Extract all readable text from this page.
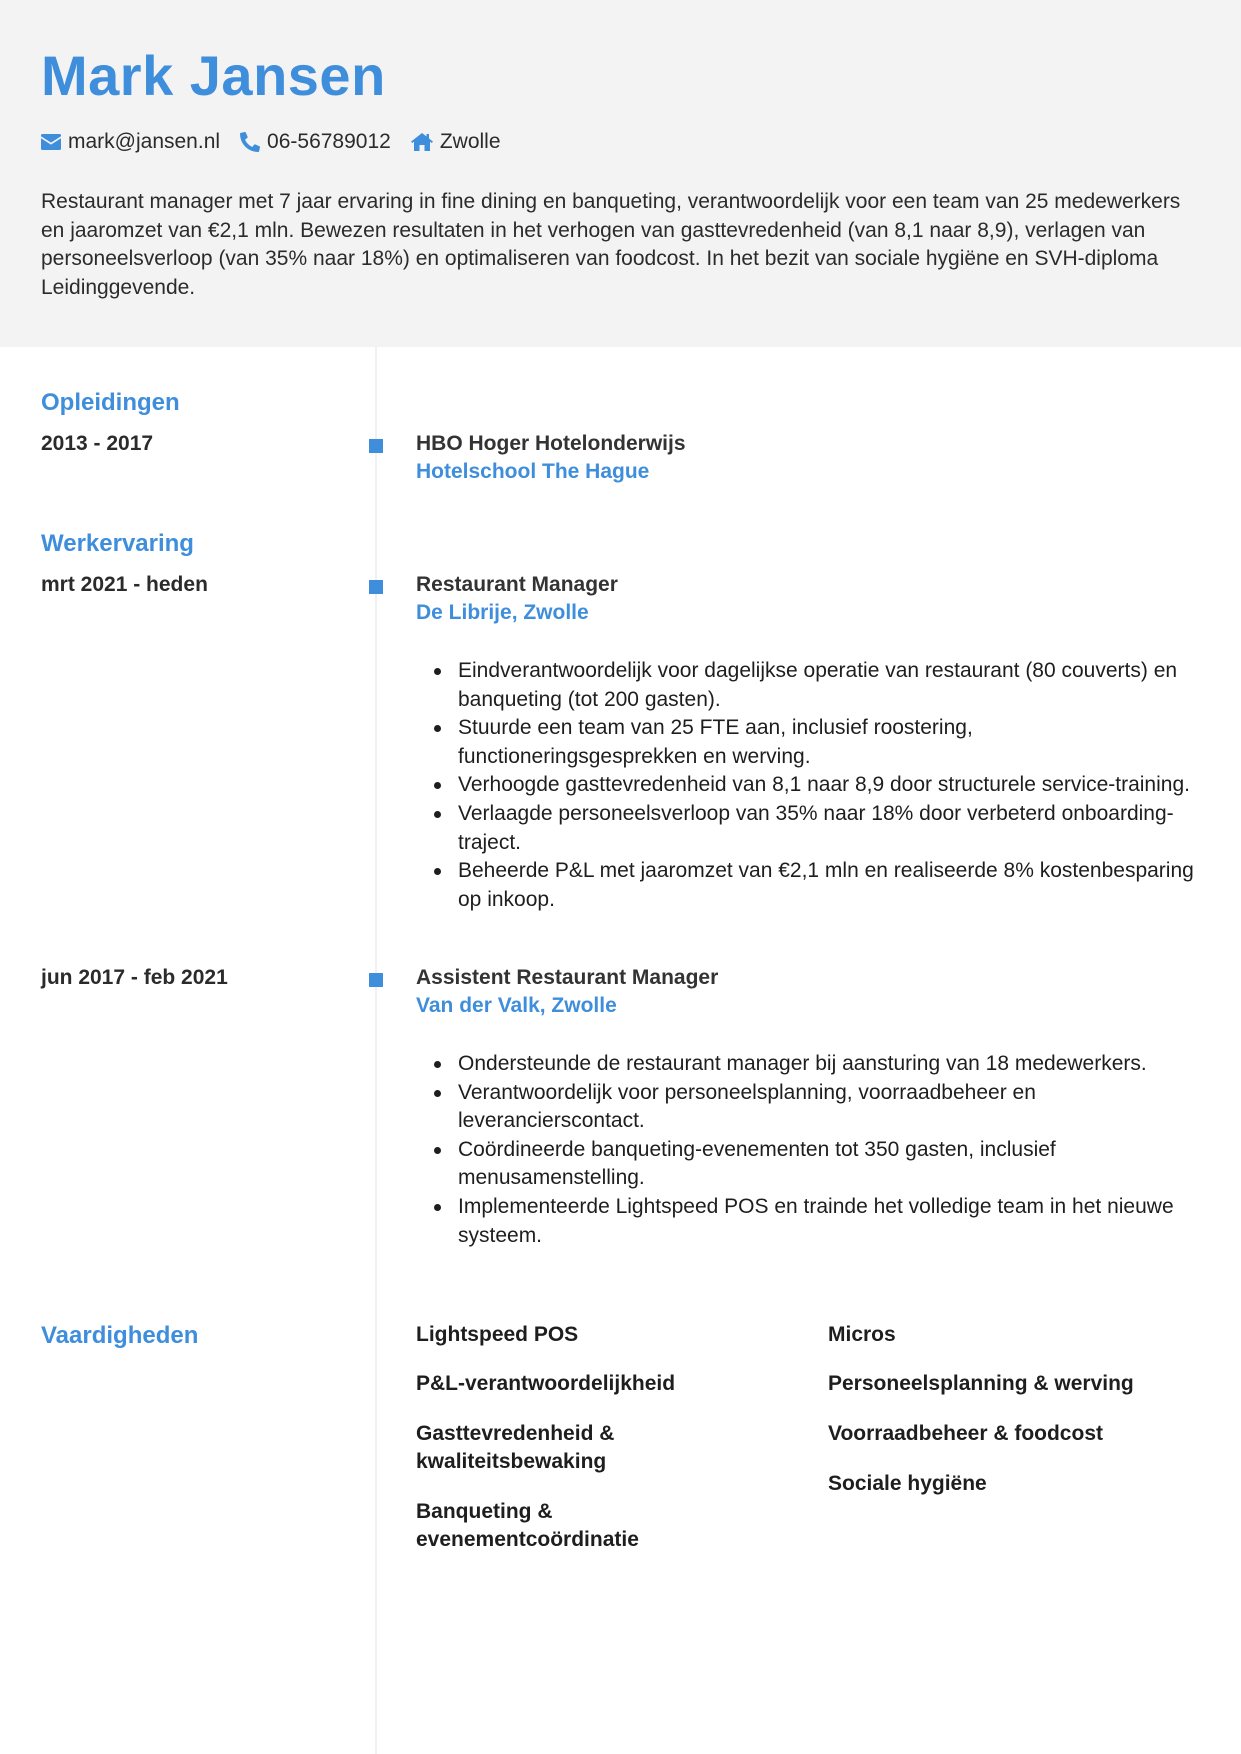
Mark Jansen
mark@jansen.nl 06-56789012 Zwolle

Restaurant manager met 7 jaar ervaring in fine dining en banqueting, verantwoordelijk voor een team van 25 medewerkers en jaaromzet van €2,1 mln. Bewezen resultaten in het verhogen van gasttevredenheid (van 8,1 naar 8,9), verlagen van personeelsverloop (van 35% naar 18%) en optimaliseren van foodcost. In het bezit van sociale hygiëne en SVH-diploma Leidinggevende.

Opleidingen
2013 - 2017	HBO Hoger Hotelonderwijs
Hotelschool The Hague
Werkervaring
mrt 2021 - heden	Restaurant Manager
De Librije, Zwolle
Eindverantwoordelijk voor dagelijkse operatie van restaurant (80 couverts) en banqueting (tot 200 gasten).
Stuurde een team van 25 FTE aan, inclusief roostering, functioneringsgesprekken en werving.
Verhoogde gasttevredenheid van 8,1 naar 8,9 door structurele service-training.
Verlaagde personeelsverloop van 35% naar 18% door verbeterd onboarding-traject.
Beheerde P&L met jaaromzet van €2,1 mln en realiseerde 8% kostenbesparing op inkoop.
jun 2017 - feb 2021	Assistent Restaurant Manager
Van der Valk, Zwolle
Ondersteunde de restaurant manager bij aansturing van 18 medewerkers.
Verantwoordelijk voor personeelsplanning, voorraadbeheer en leverancierscontact.
Coördineerde banqueting-evenementen tot 350 gasten, inclusief menusamenstelling.
Implementeerde Lightspeed POS en trainde het volledige team in het nieuwe systeem.
Vaardigheden	Lightspeed POS
P&L-verantwoordelijkheid
Gasttevredenheid & kwaliteitsbewaking
Banqueting & evenementcoördinatie
Micros
Personeelsplanning & werving
Voorraadbeheer & foodcost
Sociale hygiëne
